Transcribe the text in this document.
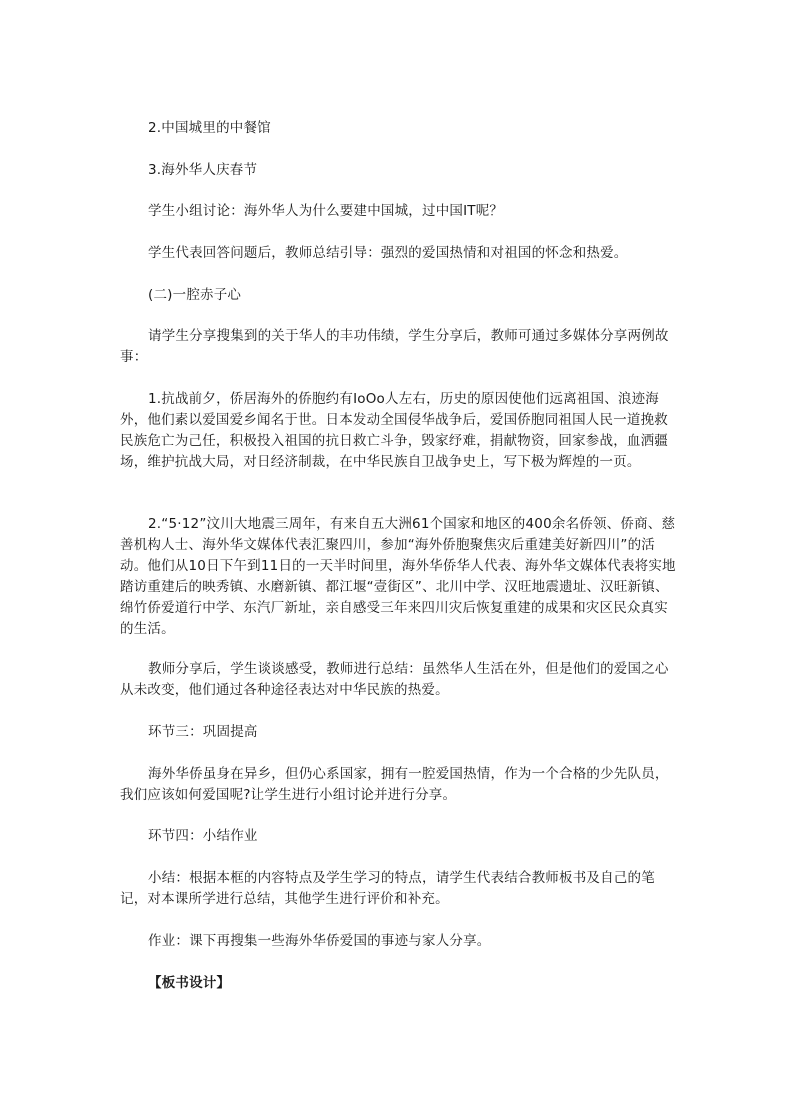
2.中国城里的中餐馆

3.海外华人庆春节

学生小组讨论：海外华人为什么要建中国城，过中国IT呢？

学生代表回答问题后，教师总结引导：强烈的爱国热情和对祖国的怀念和热爱。

(二)一腔赤子心

请学生分享搜集到的关于华人的丰功伟绩，学生分享后，教师可通过多媒体分享两例故事：

1.抗战前夕，侨居海外的侨胞约有IoOo人左右，历史的原因使他们远离祖国、浪迹海外，他们素以爱国爱乡闻名于世。日本发动全国侵华战争后，爱国侨胞同祖国人民一道挽救民族危亡为己任，积极投入祖国的抗日救亡斗争，毁家纾难，捐献物资，回家参战，血洒疆场，维护抗战大局，对日经济制裁，在中华民族自卫战争史上，写下极为辉煌的一页。

2.“5·12”汶川大地震三周年，有来自五大洲61个国家和地区的400余名侨领、侨商、慈善机构人士、海外华文媒体代表汇聚四川，参加“海外侨胞聚焦灾后重建美好新四川”的活动。他们从10日下午到11日的一天半时间里，海外华侨华人代表、海外华文媒体代表将实地踏访重建后的映秀镇、水磨新镇、都江堰“壹街区”、北川中学、汉旺地震遗址、汉旺新镇、绵竹侨爱道行中学、东汽厂新址，亲自感受三年来四川灾后恢复重建的成果和灾区民众真实的生活。

教师分享后，学生谈谈感受，教师进行总结：虽然华人生活在外，但是他们的爱国之心从未改变，他们通过各种途径表达对中华民族的热爱。

环节三：巩固提高

海外华侨虽身在异乡，但仍心系国家，拥有一腔爱国热情，作为一个合格的少先队员，我们应该如何爱国呢?让学生进行小组讨论并进行分享。

环节四：小结作业

小结：根据本框的内容特点及学生学习的特点，请学生代表结合教师板书及自己的笔记，对本课所学进行总结，其他学生进行评价和补充。

作业：课下再搜集一些海外华侨爱国的事迹与家人分享。

【板书设计】
